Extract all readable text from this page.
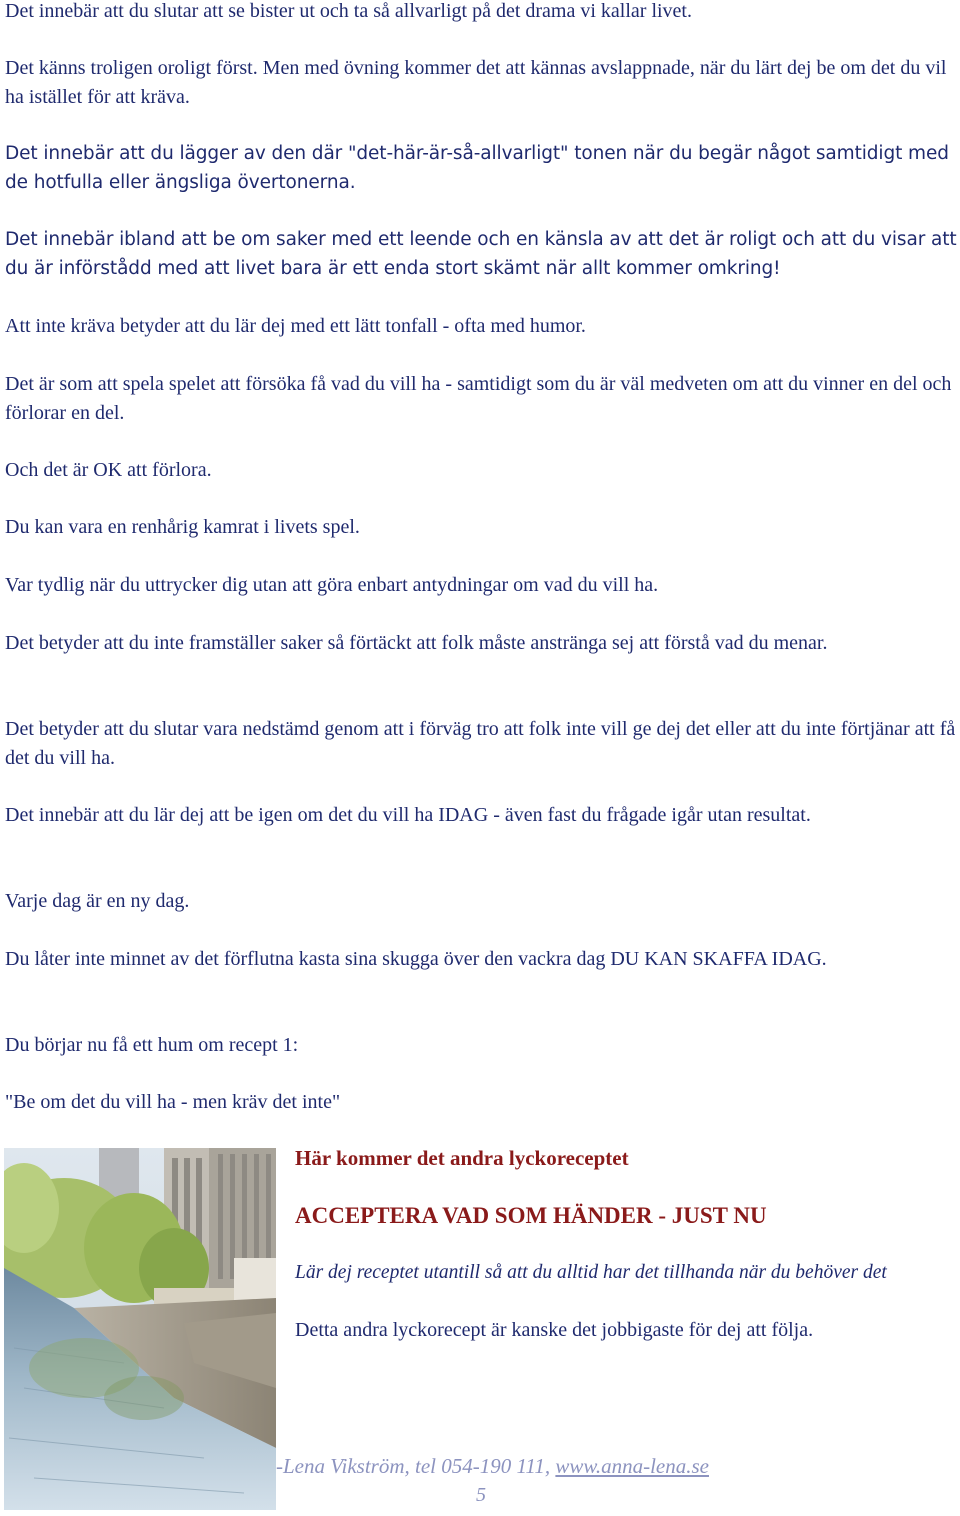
Det innebär att du slutar att se bister ut och ta så allvarligt på det drama vi kallar livet.

Det känns troligen oroligt först. Men med övning kommer det att kännas avslappnade, när du lärt dej be om det du vil ha istället för att kräva.

Det innebär att du lägger av den där "det-här-är-så-allvarligt" tonen när du begär något samtidigt med de hotfulla eller ängsliga övertonerna.

Det innebär ibland att be om saker med ett leende och en känsla av att det är roligt och att du visar att du är införstådd med att livet bara är ett enda stort skämt när allt kommer omkring!

Att inte kräva betyder att du lär dej med ett lätt tonfall - ofta med humor.

Det är som att spela spelet att försöka få vad du vill ha - samtidigt som du är väl medveten om att du vinner en del och förlorar en del.

Och det är OK att förlora.

Du kan vara en renhårig kamrat i livets spel.

Var tydlig när du uttrycker dig utan att göra enbart antydningar om vad du vill ha.

Det betyder att du inte framställer saker så förtäckt att folk måste anstränga sej att förstå vad du menar.

Det betyder att du slutar vara nedstämd genom att i förväg tro att folk inte vill ge dej det eller att du inte förtjänar att få det du vill ha.

Det innebär att du lär dej att be igen om det du vill ha IDAG - även fast du frågade igår utan resultat.

Varje dag är en ny dag.

Du låter inte minnet av det förflutna kasta sina skugga över den vackra dag DU KAN SKAFFA IDAG.

Du börjar nu få ett hum om recept 1:

"Be om det du vill ha - men kräv det inte"

Här kommer det andra lyckoreceptet

ACCEPTERA VAD SOM HÄNDER - JUST NU

Lär dej receptet utantill så att du alltid har det tillhanda när du behöver det

Detta andra lyckorecept är kanske det jobbigaste för dej att följa.

-Lena Vikström, tel 054-190 111, www.anna-lena.se

5
